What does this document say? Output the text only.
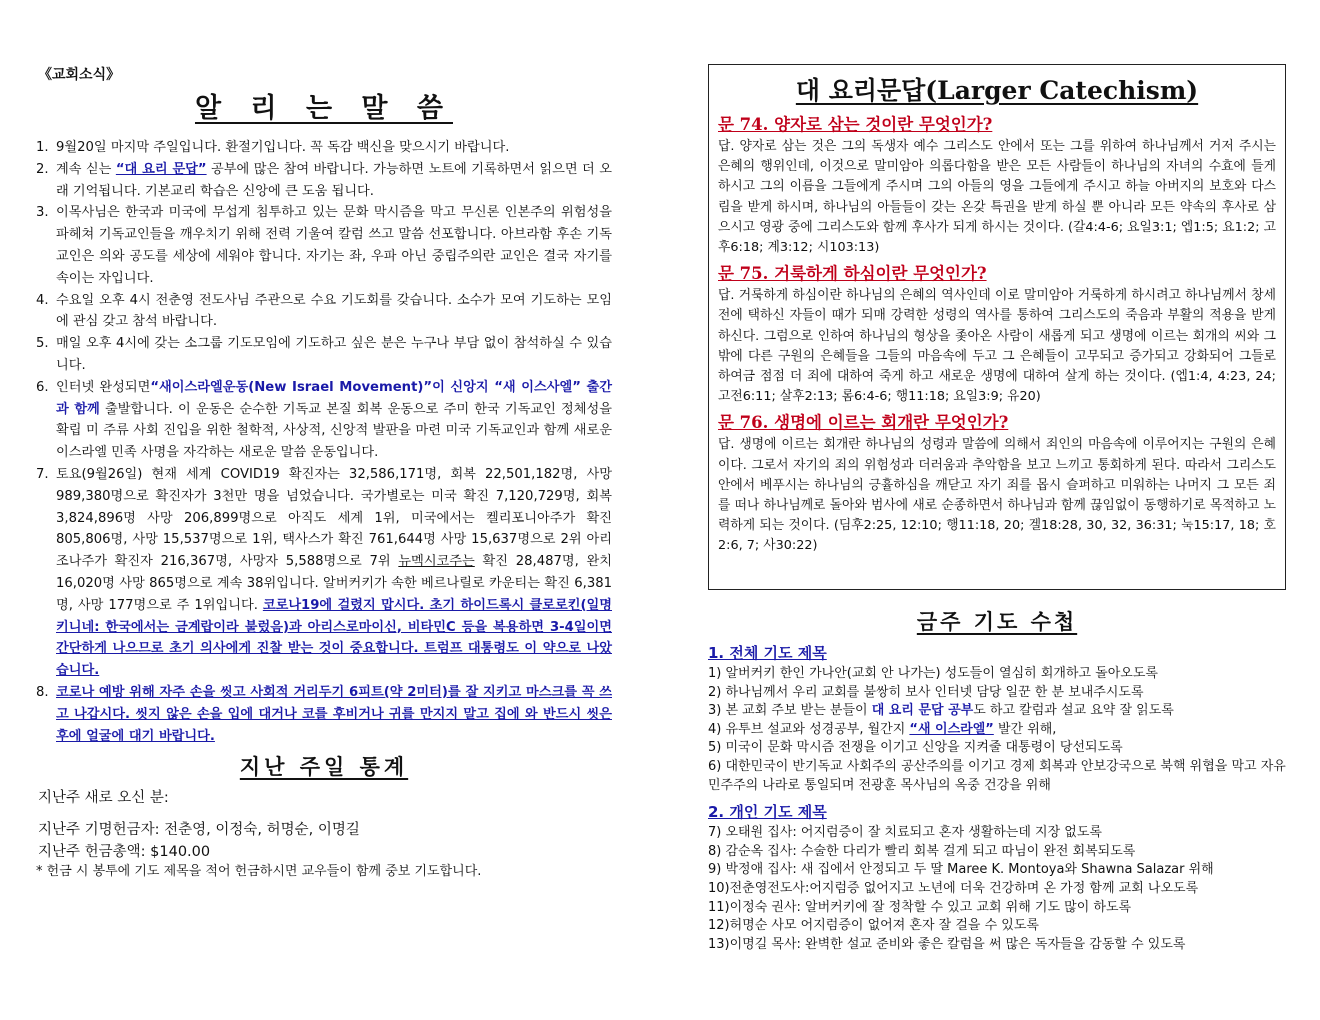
《교회소식》
알 리 는 말 씀
1. 9월20일 마지막 주일입니다. 환절기입니다. 꼭 독감 백신을 맞으시기 바랍니다.
2. 계속 싣는 “대 요리 문답” 공부에 많은 참여 바랍니다. 가능하면 노트에 기록하면서 읽으면 더 오래 기억됩니다. 기본교리 학습은 신앙에 큰 도움 됩니다.
3. 이목사님은 한국과 미국에 무섭게 침투하고 있는 문화 막시즘을 막고 무신론 인본주의 위험성을 파헤쳐 기독교인들을 깨우치기 위해 전력 기울여 칼럼 쓰고 말씀 선포합니다. 아브라함 후손 기독교인은 의와 공도를 세상에 세워야 합니다. 자기는 좌, 우파 아닌 중립주의란 교인은 결국 자기를 속이는 자입니다.
4. 수요일 오후 4시 전춘영 전도사님 주관으로 수요 기도회를 갖습니다. 소수가 모여 기도하는 모임에 관심 갖고 참석 바랍니다.
5. 매일 오후 4시에 갖는 소그룹 기도모임에 기도하고 싶은 분은 누구나 부담 없이 참석하실 수 있습니다.
6. 인터넷 완성되면“새이스라엘운동(New Israel Movement)”이 신앙지 “새 이스사엘” 출간과 함께 출발합니다. 이 운동은 순수한 기독교 본질 회복 운동으로 주미 한국 기독교인 정체성을 확립 미 주류 사회 진입을 위한 철학적, 사상적, 신앙적 발판을 마련 미국 기독교인과 함께 새로운 이스라엘 민족 사명을 자각하는 새로운 말씀 운동입니다.
7. 토요(9월26일) 현재 세계 COVID19 확진자는 32,586,171명, 회복 22,501,182명, 사망 989,380명으로 확진자가 3천만 명을 넘었습니다. 국가별로는 미국 확진 7,120,729명, 회복 3,824,896명 사망 206,899명으로 아직도 세계 1위, 미국에서는 켈리포니아주가 확진 805,806명, 사망 15,537명으로 1위, 택사스가 확진 761,644명 사망 15,637명으로 2위 아리조나주가 확진자 216,367명, 사망자 5,588명으로 7위 뉴멕시코주는 확진 28,487명, 완치 16,020명 사망 865명으로 계속 38위입니다. 알버커키가 속한 베르나릴로 카운티는 확진 6,381명, 사망 177명으로 주 1위입니다. 코로나19에 걸렸지 맙시다. 초기 하이드록시 클로로킨(일명 키니네: 한국에서는 금계랍이라 불렀음)과 아리스로마이신, 비타민C 등을 복용하면 3-4일이면 간단하게 나으므로 초기 의사에게 진찰 받는 것이 중요합니다. 트럼프 대통령도 이 약으로 나았습니다.
8. 코로나 예방 위해 자주 손을 씻고 사회적 거리두기 6피트(약 2미터)를 잘 지키고 마스크를 꼭 쓰고 나갑시다. 씻지 않은 손을 입에 대거나 코를 후비거나 귀를 만지지 말고 집에 와 반드시 씻은 후에 얼굴에 대기 바랍니다.
지난 주일 통계
지난주 새로 오신 분:
지난주 기명헌금자: 전춘영, 이정숙, 허명순, 이명길
지난주 헌금총액: $140.00
* 헌금 시 봉투에 기도 제목을 적어 헌금하시면 교우들이 함께 중보 기도합니다.
대 요리문답(Larger Catechism)
문 74. 양자로 삼는 것이란 무엇인가?

답. 양자로 삼는 것은 그의 독생자 예수 그리스도 안에서 또는 그를 위하여 하나님께서 거저 주시는 은혜의 행위인데, 이것으로 말미암아 의롭다함을 받은 모든 사람들이 하나님의 자녀의 수효에 들게 하시고 그의 이름을 그들에게 주시며 그의 아들의 영을 그들에게 주시고 하늘 아버지의 보호와 다스림을 받게 하시며, 하나님의 아들들이 갖는 온갖 특권을 받게 하실 뿐 아니라 모든 약속의 후사로 삼으시고 영광 중에 그리스도와 함께 후사가 되게 하시는 것이다. (갈4:4-6; 요일3:1; 엡1:5; 요1:2; 고후6:18; 계3:12; 시103:13)

문 75. 거룩하게 하심이란 무엇인가?

답. 거룩하게 하심이란 하나님의 은혜의 역사인데 이로 말미암아 거룩하게 하시려고 하나님께서 창세 전에 택하신 자들이 때가 되매 강력한 성령의 역사를 통하여 그리스도의 죽음과 부활의 적용을 받게 하신다. 그럼으로 인하여 하나님의 형상을 좇아온 사람이 새롭게 되고 생명에 이르는 회개의 씨와 그 밖에 다른 구원의 은혜들을 그들의 마음속에 두고 그 은혜들이 고무되고 증가되고 강화되어 그들로 하여금 점점 더 죄에 대하여 죽게 하고 새로운 생명에 대하여 살게 하는 것이다. (엡1:4, 4:23, 24; 고전6:11; 살후2:13; 롬6:4-6; 행11:18; 요일3:9; 유20)

문 76. 생명에 이르는 회개란 무엇인가?

답. 생명에 이르는 회개란 하나님의 성령과 말씀에 의해서 죄인의 마음속에 이루어지는 구원의 은혜이다. 그로서 자기의 죄의 위험성과 더러움과 추악함을 보고 느끼고 통회하게 된다. 따라서 그리스도 안에서 베푸시는 하나님의 긍휼하심을 깨닫고 자기 죄를 몹시 슬퍼하고 미워하는 나머지 그 모든 죄를 떠나 하나님께로 돌아와 범사에 새로 순종하면서 하나님과 함께 끊임없이 동행하기로 목적하고 노력하게 되는 것이다. (딤후2:25, 12:10; 행11:18, 20; 겔18:28, 30, 32, 36:31; 눅15:17, 18; 호2:6, 7; 사30:22)

금주 기도 수첩
1. 전체 기도 제목
1) 알버커키 한인 가나안(교회 안 나가는) 성도들이 열심히 회개하고 돌아오도록
2) 하나님께서 우리 교회를 불쌍히 보사 인터넷 담당 일꾼 한 분 보내주시도록
3) 본 교회 주보 받는 분들이 대 요리 문답 공부도 하고 칼럼과 설교 요약 잘 읽도록
4) 유투브 설교와 성경공부, 월간지 “새 이스라엘” 발간 위해,
5) 미국이 문화 막시즘 전쟁을 이기고 신앙을 지켜줄 대통령이 당선되도록
6) 대한민국이 반기독교 사회주의 공산주의를 이기고 경제 회복과 안보강국으로 북핵 위협을 막고 자유 민주주의 나라로 통일되며 전광훈 목사님의 옥중 건강을 위해
2. 개인 기도 제목
7) 오태원 집사: 어지럼증이 잘 치료되고 혼자 생활하는데 지장 없도록
8) 감순옥 집사: 수술한 다리가 빨리 회복 걸게 되고 따님이 완전 회복되도록
9) 박정애 집사: 새 집에서 안정되고 두 딸 Maree K. Montoya와 Shawna Salazar 위해
10)전춘영전도사:어지럼증 없어지고 노년에 더욱 건강하며 온 가정 함께 교회 나오도록
11)이정숙 권사: 알버커키에 잘 정착할 수 있고 교회 위해 기도 많이 하도록
12)허명순 사모 어지럼증이 없어져 혼자 잘 걸을 수 있도록
13)이명길 목사: 완벽한 설교 준비와 좋은 칼럼을 써 많은 독자들을 감동할 수 있도록
